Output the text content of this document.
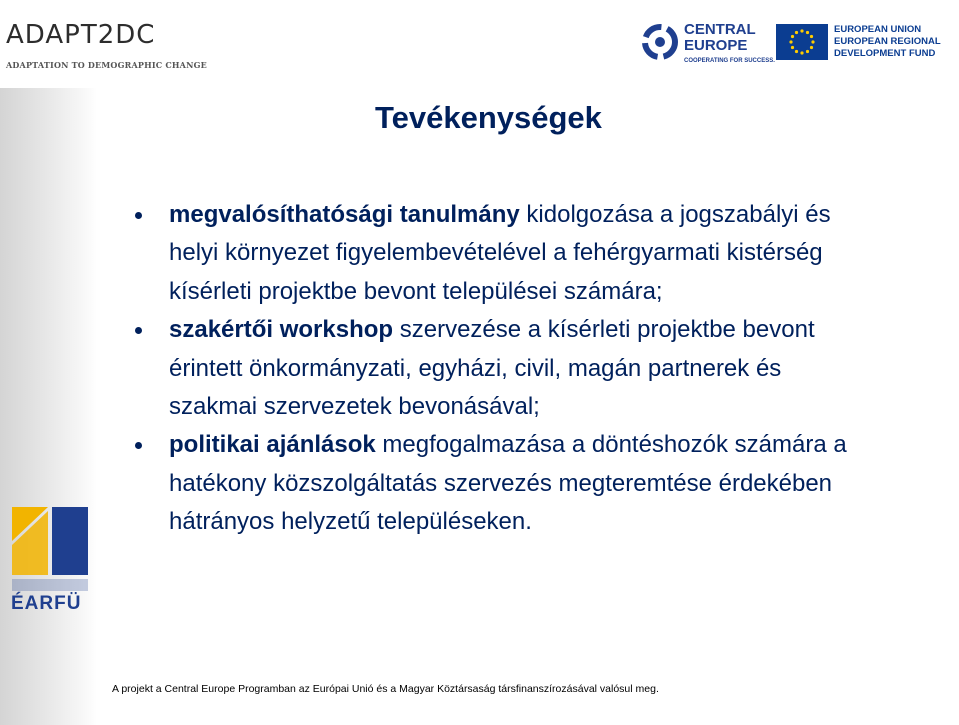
ADAPT2DC
ADAPTATION TO DEMOGRAPHIC CHANGE
CENTRAL
EUROPE
COOPERATING FOR SUCCESS.
EUROPEAN UNION
EUROPEAN REGIONAL
DEVELOPMENT FUND
ÉARFÜ
Tevékenységek
megvalósíthatósági tanulmány kidolgozása a jogszabályi és helyi környezet figyelembevételével a fehérgyarmati kistérség kísérleti projektbe bevont települései számára;
szakértői workshop szervezése a kísérleti projektbe bevont érintett önkormányzati, egyházi, civil, magán partnerek és szakmai szervezetek bevonásával;
politikai ajánlások megfogalmazása a döntéshozók számára a hatékony közszolgáltatás szervezés megteremtése érdekében hátrányos helyzetű településeken.
A projekt a Central Europe Programban az Európai Unió és a Magyar Köztársaság társfinanszírozásával valósul meg.
